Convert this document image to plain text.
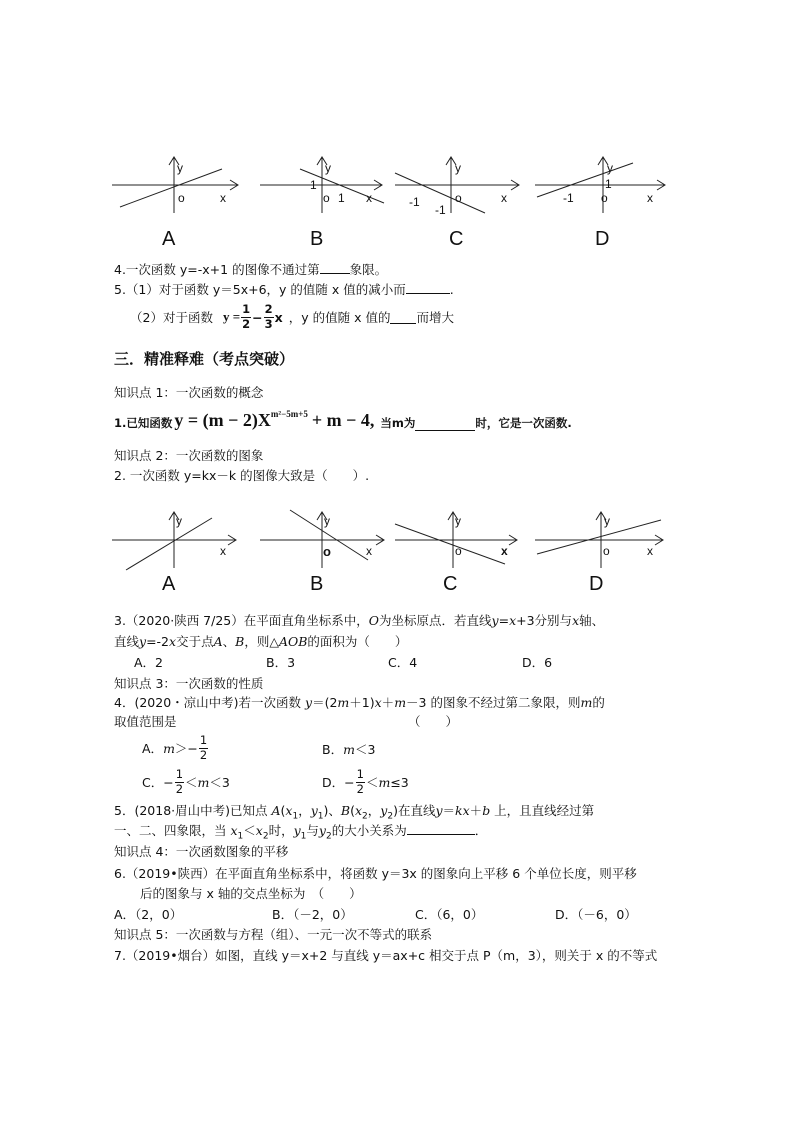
y
o	x
A
y
1
o 1 x
B
y
-1
-1
o	x
C
y
1
-1 o	x
D
4.一次函数 y=-x+1 的图像不通过第 象限。
5.（1）对于函数 y＝5x+6，y 的值随 x 值的减小而	.
（2）对于函数 $y = \frac{1}{2} - \frac{2}{3}$ x ，y 的值随 x 值的 而增大
三．精准释难（考点突破）
知识点 1：一次函数的概念
1.已知函数 y = (m − 2)X m²−5m+5 + m − 4, 当m为	时，它是一次函数.
知识点 2：一次函数的图象
2. 一次函数 y=kx－k 的图像大致是（　　）.
y
x
A
y
o	x
B
y
o	x
C
y
o	x
D
3.（2020·陕西 7/25）在平面直角坐标系中，O为坐标原点．若直线y=x+3分别与x轴、
直线y=-2x交于点A、B，则△AOB的面积为（　　）
A．2	B．3	C．4	D．6
知识点 3：一次函数的性质
4．(2020・凉山中考)若一次函数 y＝(2m＋1)x＋m－3 的图象不经过第二象限，则m的
取值范围是	（　　）
A． $m >- \frac{1}{2}$	B．m＜3
C．− $\frac{1}{2} < m <3$	D．− $\frac{1}{2} < m \le 3$
5．(2018·眉山中考)已知点 $A(x_1$，$y_1$)、$B(x_2$，$y_2$)在直线y＝kx＋b 上，且直线经过第
一、二、四象限，当 $x_1<x_2$时，$y_1$与$y_2$的大小关系为	．
知识点 4：一次函数图象的平移
6.（2019•陕西）在平面直角坐标系中，将函数 y＝3x 的图象向上平移 6 个单位长度，则平移
后的图象与 x 轴的交点坐标为　（　　）
A．（2，0）	B．（－2，0）	C．（6，0）	D．（－6，0）
知识点 5：一次函数与方程（组）、一元一次不等式的联系
7.（2019•烟台）如图，直线 y＝x+2 与直线 y＝ax+c 相交于点 P（m，3），则关于 x 的不等式
